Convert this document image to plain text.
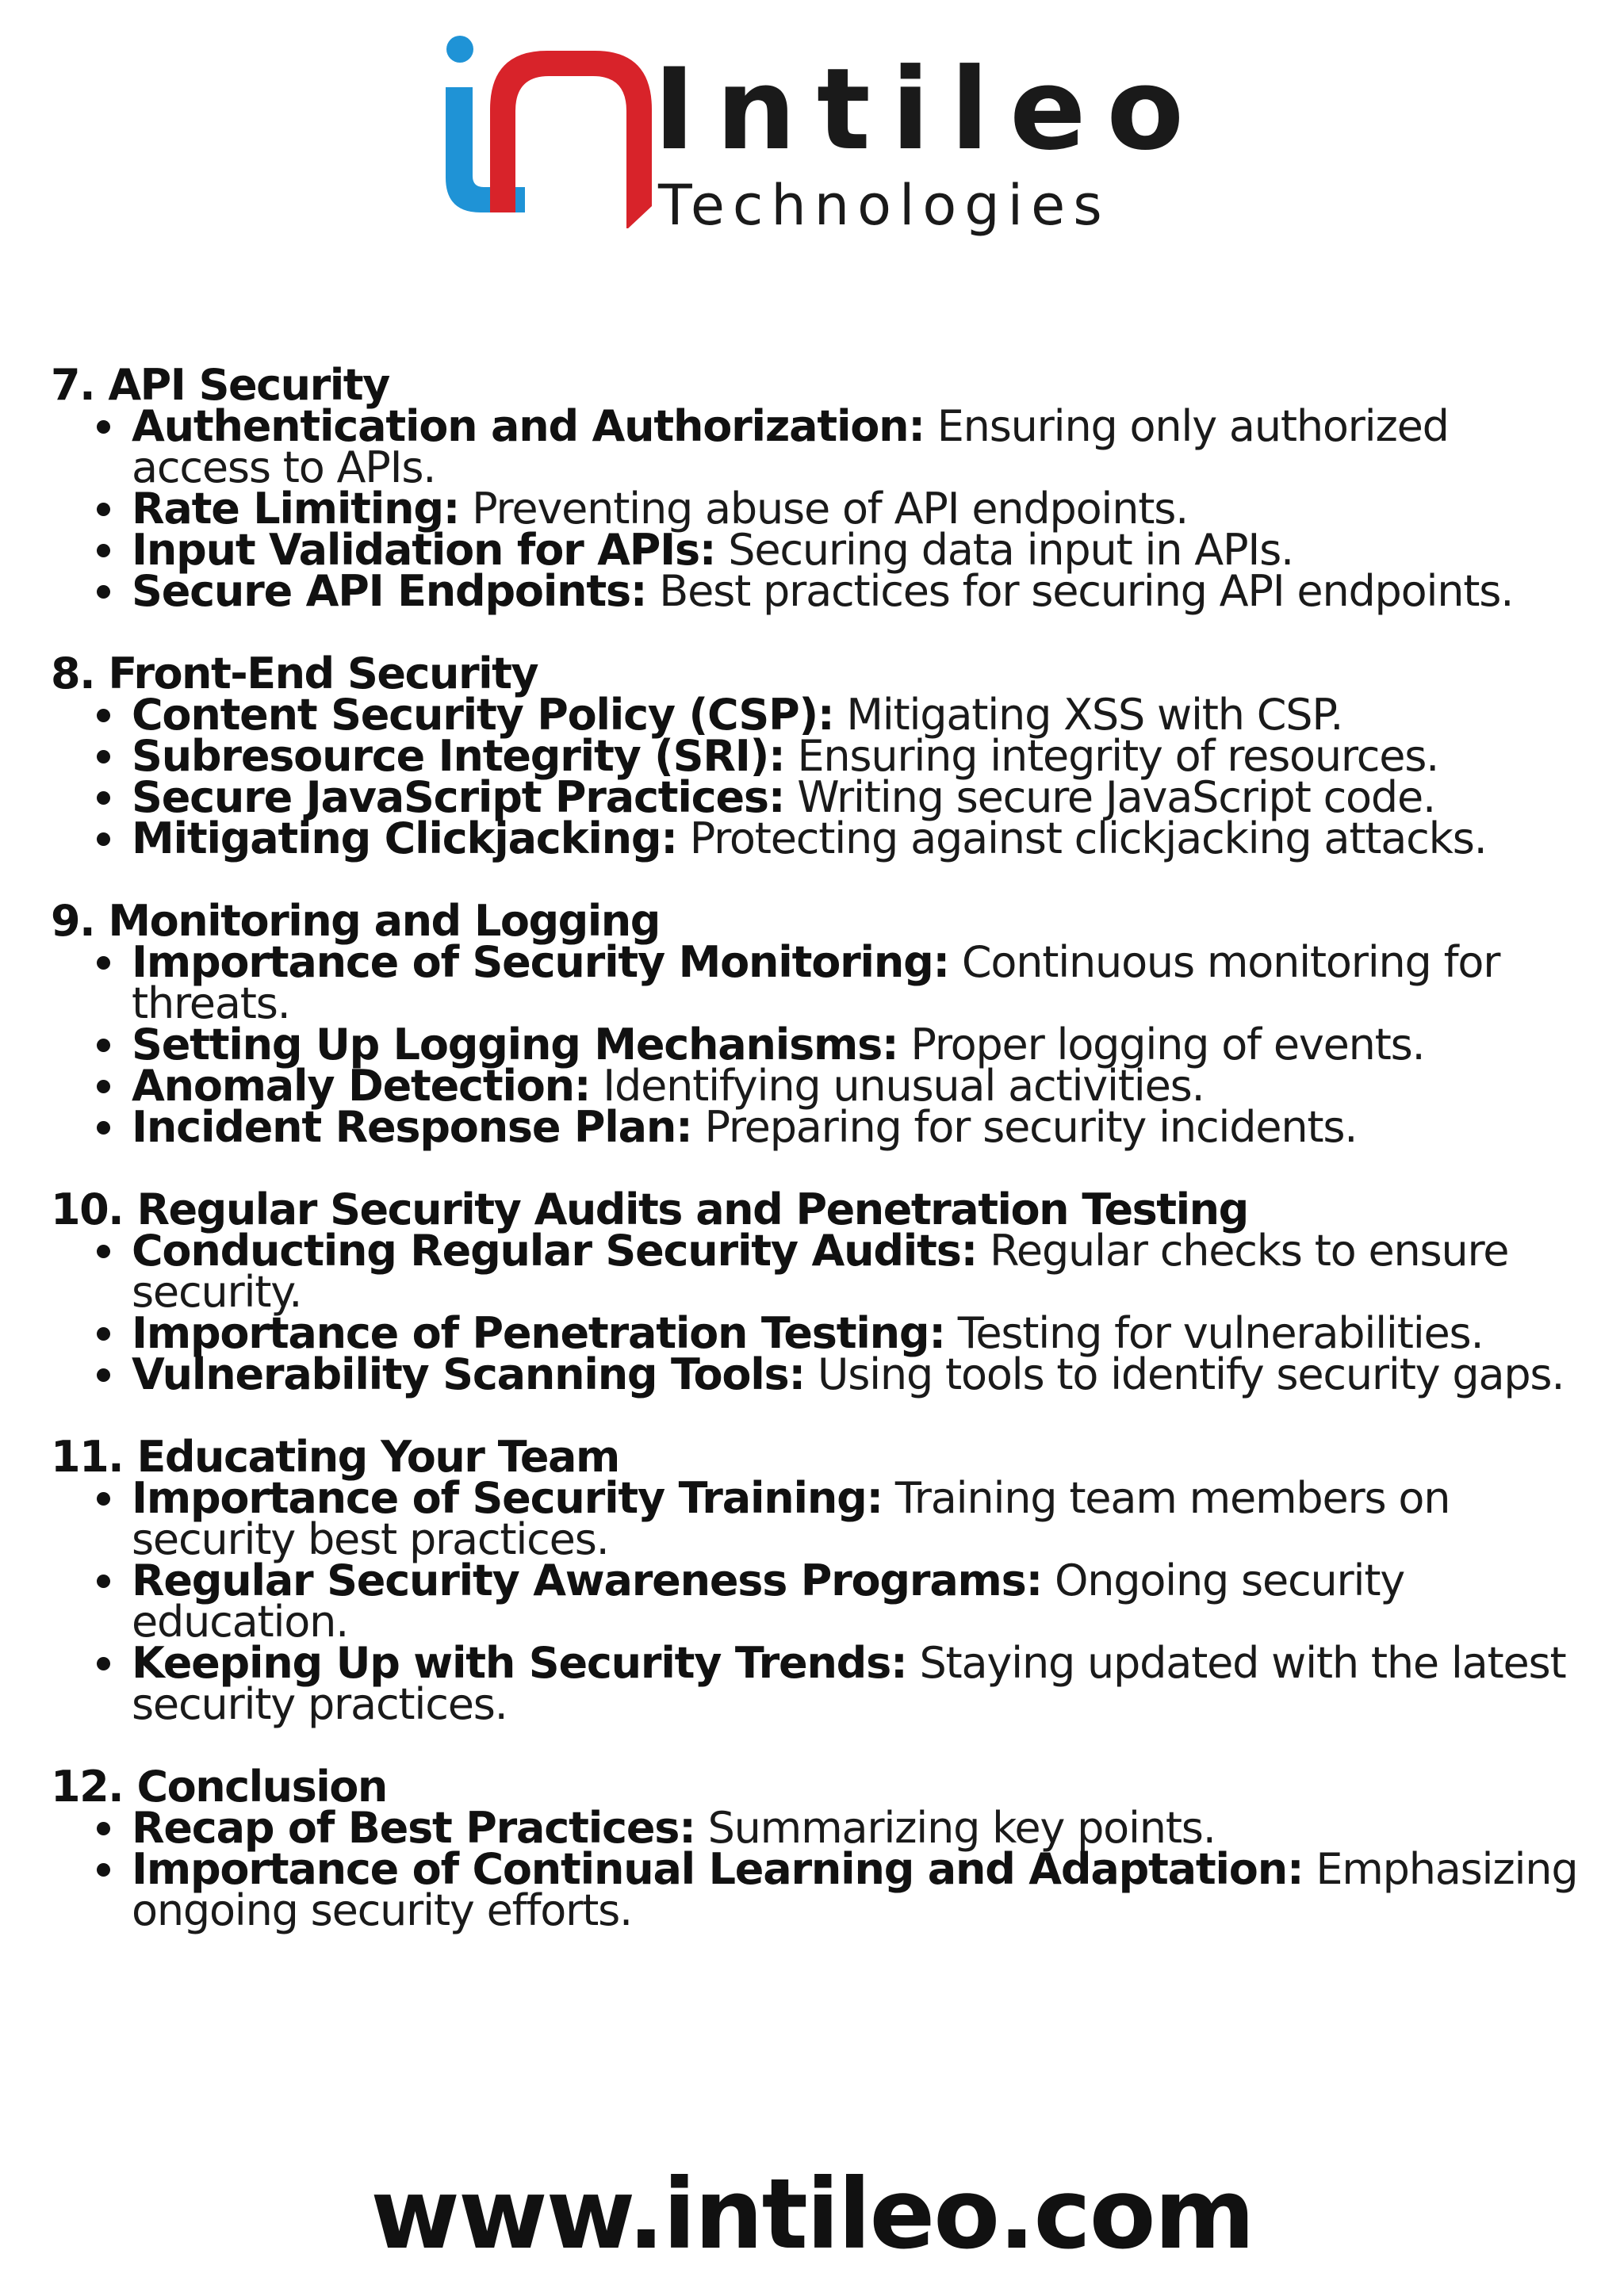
Intileo
Technologies
7. API Security
Authentication and Authorization: Ensuring only authorized access to APIs.
Rate Limiting: Preventing abuse of API endpoints.
Input Validation for APIs: Securing data input in APIs.
Secure API Endpoints: Best practices for securing API endpoints.
8. Front-End Security
Content Security Policy (CSP): Mitigating XSS with CSP.
Subresource Integrity (SRI): Ensuring integrity of resources.
Secure JavaScript Practices: Writing secure JavaScript code.
Mitigating Clickjacking: Protecting against clickjacking attacks.
9. Monitoring and Logging
Importance of Security Monitoring: Continuous monitoring for threats.
Setting Up Logging Mechanisms: Proper logging of events.
Anomaly Detection: Identifying unusual activities.
Incident Response Plan: Preparing for security incidents.
10. Regular Security Audits and Penetration Testing
Conducting Regular Security Audits: Regular checks to ensure security.
Importance of Penetration Testing: Testing for vulnerabilities.
Vulnerability Scanning Tools: Using tools to identify security gaps.
11. Educating Your Team
Importance of Security Training: Training team members on security best practices.
Regular Security Awareness Programs: Ongoing security education.
Keeping Up with Security Trends: Staying updated with the latest security practices.
12. Conclusion
Recap of Best Practices: Summarizing key points.
Importance of Continual Learning and Adaptation: Emphasizing ongoing security efforts.
www.intileo.com
